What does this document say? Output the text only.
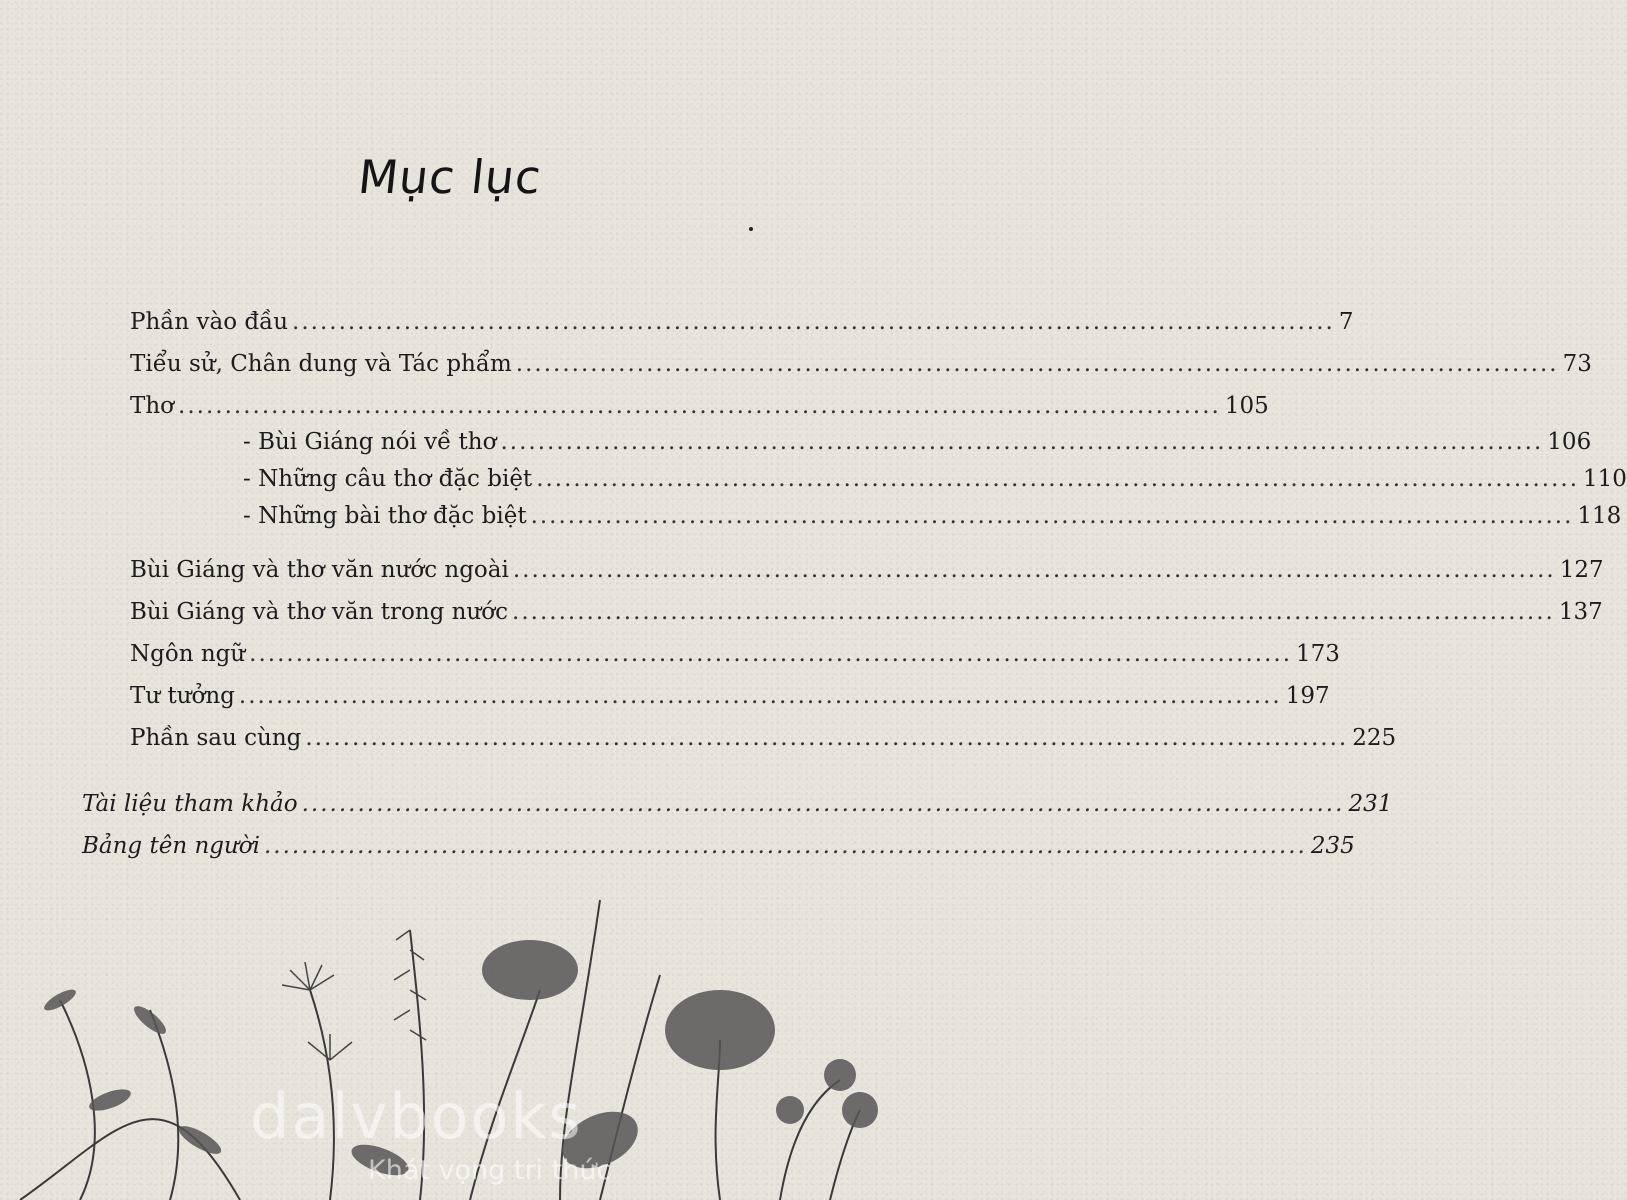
Mục lục
Phần vào đầu ................................................................................................................ 7
Tiểu sử, Chân dung và Tác phẩm ................................................................................................................ 73
Thơ ................................................................................................................ 105
- Bùi Giáng nói về thơ ................................................................................................................ 106
- Những câu thơ đặc biệt ................................................................................................................ 110
- Những bài thơ đặc biệt ................................................................................................................ 118
Bùi Giáng và thơ văn nước ngoài ................................................................................................................ 127
Bùi Giáng và thơ văn trong nước ................................................................................................................ 137
Ngôn ngữ ................................................................................................................ 173
Tư tưởng ................................................................................................................ 197
Phần sau cùng ................................................................................................................ 225
Tài liệu tham khảo ................................................................................................................ 231
Bảng tên người ................................................................................................................ 235
dalvbooks
Khát vọng tri thức
